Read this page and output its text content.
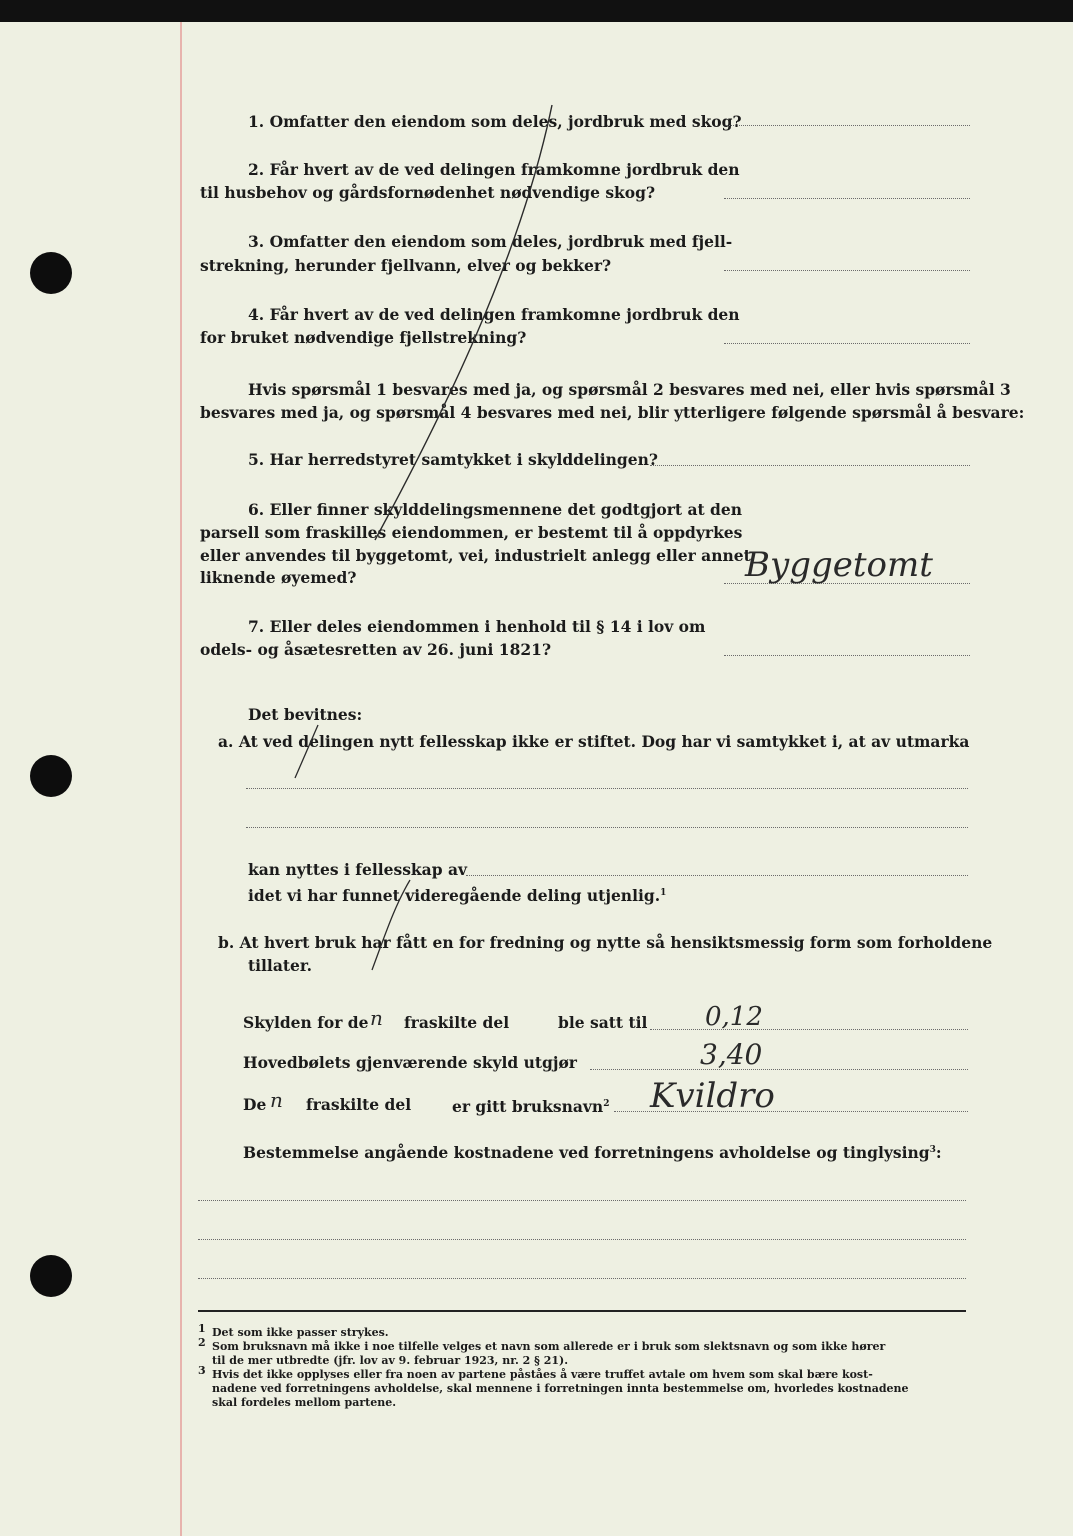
1. Omfatter den eiendom som deles, jordbruk med skog?
2. Får hvert av de ved delingen framkomne jordbruk den
til husbehov og gårdsfornødenhet nødvendige skog?
3. Omfatter den eiendom som deles, jordbruk med fjell-
strekning, herunder fjellvann, elver og bekker?
4. Får hvert av de ved delingen framkomne jordbruk den
for bruket nødvendige fjellstrekning?
Hvis spørsmål 1 besvares med ja, og spørsmål 2 besvares med nei, eller hvis spørsmål 3
besvares med ja, og spørsmål 4 besvares med nei, blir ytterligere følgende spørsmål å besvare:
5. Har herredstyret samtykket i skylddelingen?
6. Eller finner skylddelingsmennene det godtgjort at den
parsell som fraskilles eiendommen, er bestemt til å oppdyrkes
eller anvendes til byggetomt, vei, industrielt anlegg eller annet
liknende øyemed?	Byggetomt
7. Eller deles eiendommen i henhold til § 14 i lov om
odels- og åsætesretten av 26. juni 1821?
Det bevitnes:
a. At ved delingen nytt fellesskap ikke er stiftet. Dog har vi samtykket i, at av utmarka
kan nyttes i fellesskap av
idet vi har funnet videregående deling utjenlig.$^1$
b. At hvert bruk har fått en for fredning og nytte så hensiktsmessig form som forholdene
tillater.
Skylden for de n fraskilte del	ble satt til 0,12
Hovedbølets gjenværende skyld utgjør	3,40
De n fraskilte del	er gitt bruksnavn$^2$ Kvildro
Bestemmelse angående kostnadene ved forretningens avholdelse og tinglysing$^3$:
1 Det som ikke passer strykes.
2 Som bruksnavn må ikke i noe tilfelle velges et navn som allerede er i bruk som slektsnavn og som ikke hører
til de mer utbredte (jfr. lov av 9. februar 1923, nr. 2 § 21).
3 Hvis det ikke opplyses eller fra noen av partene påståes å være truffet avtale om hvem som skal bære kost-
nadene ved forretningens avholdelse, skal mennene i forretningen innta bestemmelse om, hvorledes kostnadene
skal fordeles mellom partene.
